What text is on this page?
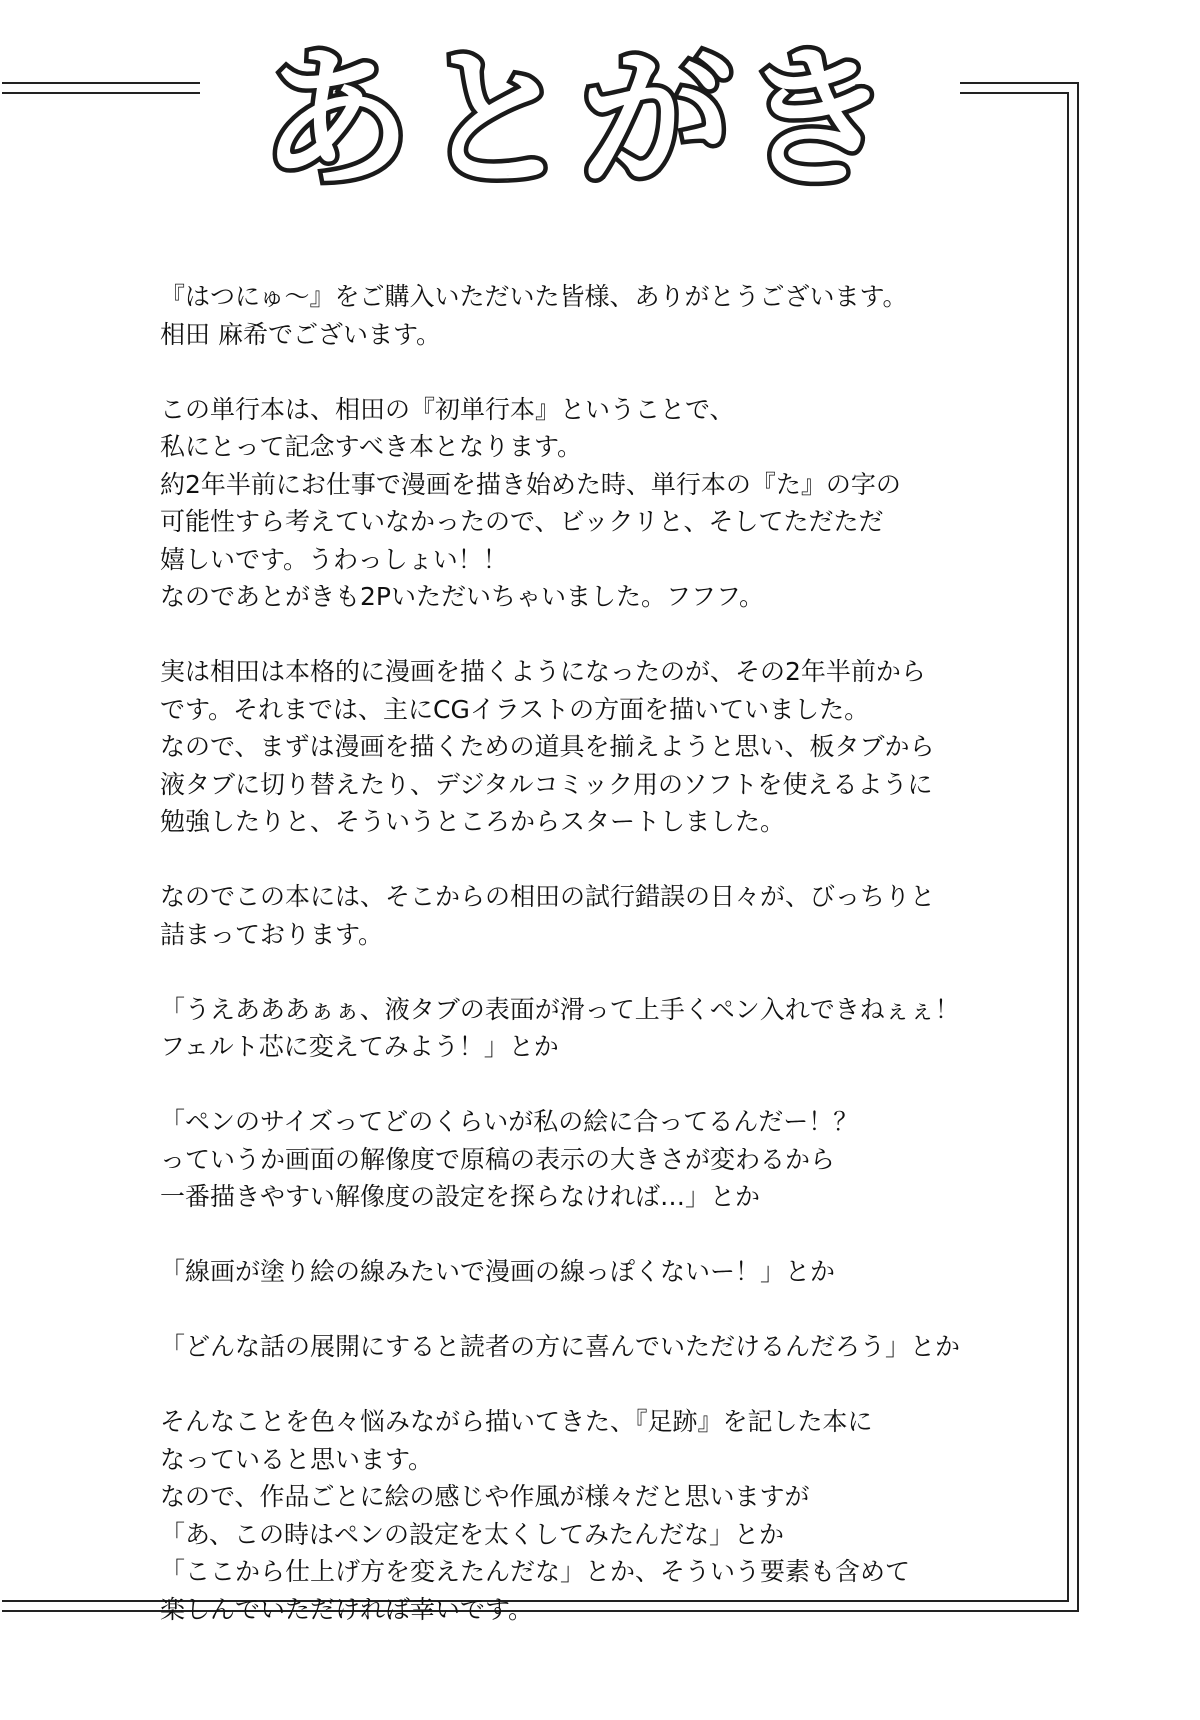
あとがき
『はつにゅ〜』をご購入いただいた皆様、ありがとうございます。
相田 麻希でございます。
この単行本は、相田の『初単行本』ということで、
私にとって記念すべき本となります。
約2年半前にお仕事で漫画を描き始めた時、単行本の『た』の字の
可能性すら考えていなかったので、ビックリと、そしてただただ
嬉しいです。うわっしょい！！
なのであとがきも2Pいただいちゃいました。フフフ。
実は相田は本格的に漫画を描くようになったのが、その2年半前から
です。それまでは、主にCGイラストの方面を描いていました。
なので、まずは漫画を描くための道具を揃えようと思い、板タブから
液タブに切り替えたり、デジタルコミック用のソフトを使えるように
勉強したりと、そういうところからスタートしました。
なのでこの本には、そこからの相田の試行錯誤の日々が、びっちりと
詰まっております。
「うえあああぁぁ、液タブの表面が滑って上手くペン入れできねぇぇ！
フェルト芯に変えてみよう！」とか
「ペンのサイズってどのくらいが私の絵に合ってるんだー！？
っていうか画面の解像度で原稿の表示の大きさが変わるから
一番描きやすい解像度の設定を探らなければ…」とか
「線画が塗り絵の線みたいで漫画の線っぽくないー！」とか
「どんな話の展開にすると読者の方に喜んでいただけるんだろう」とか
そんなことを色々悩みながら描いてきた、『足跡』を記した本に
なっていると思います。
なので、作品ごとに絵の感じや作風が様々だと思いますが
「あ、この時はペンの設定を太くしてみたんだな」とか
「ここから仕上げ方を変えたんだな」とか、そういう要素も含めて
楽しんでいただければ幸いです。
